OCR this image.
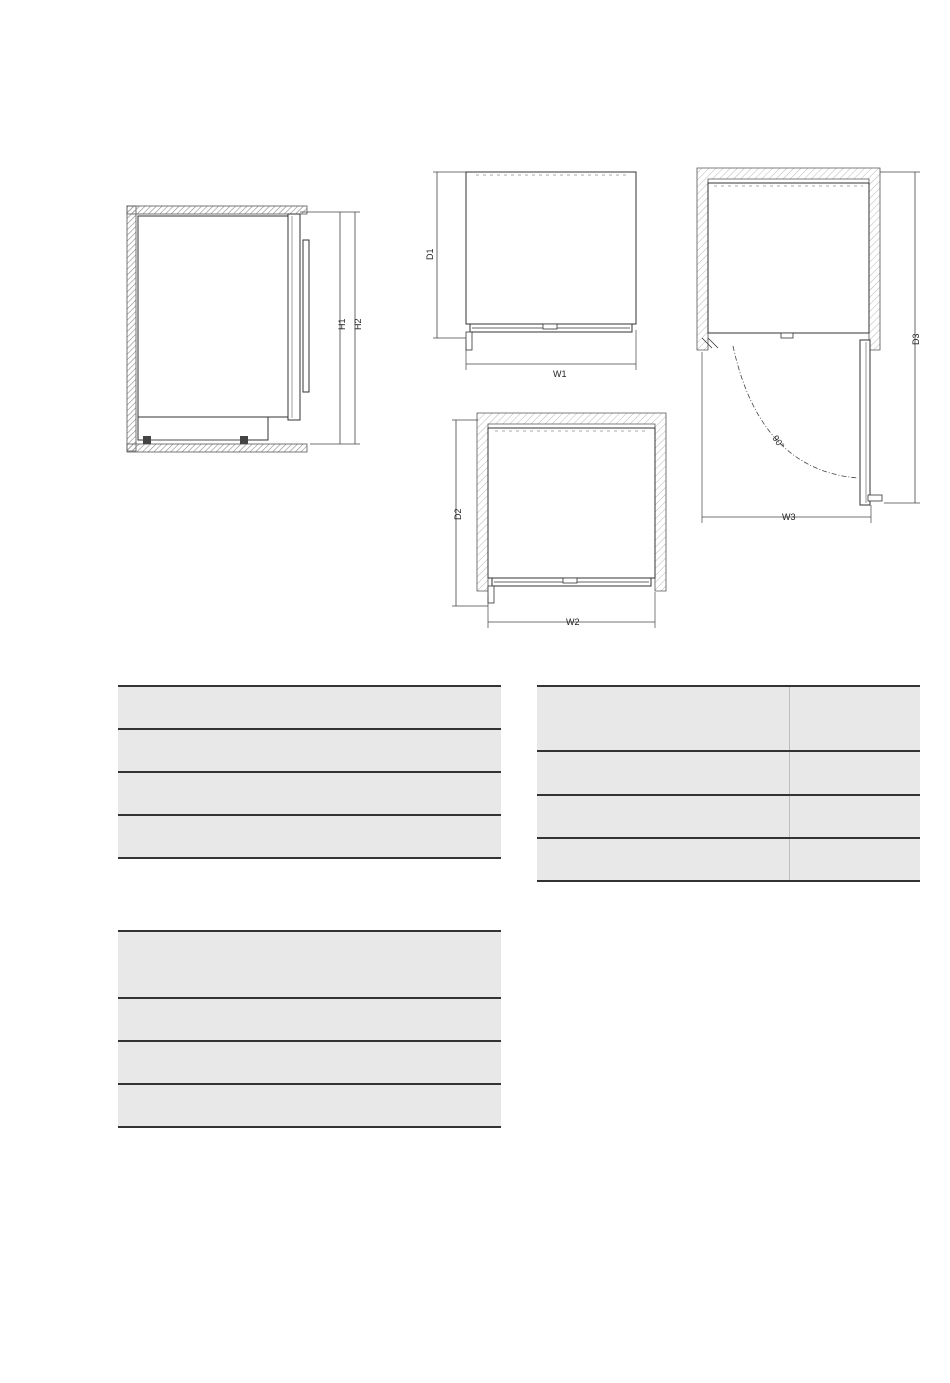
H1 H2
D1
W1
D2
W2
90°
D3
W3
